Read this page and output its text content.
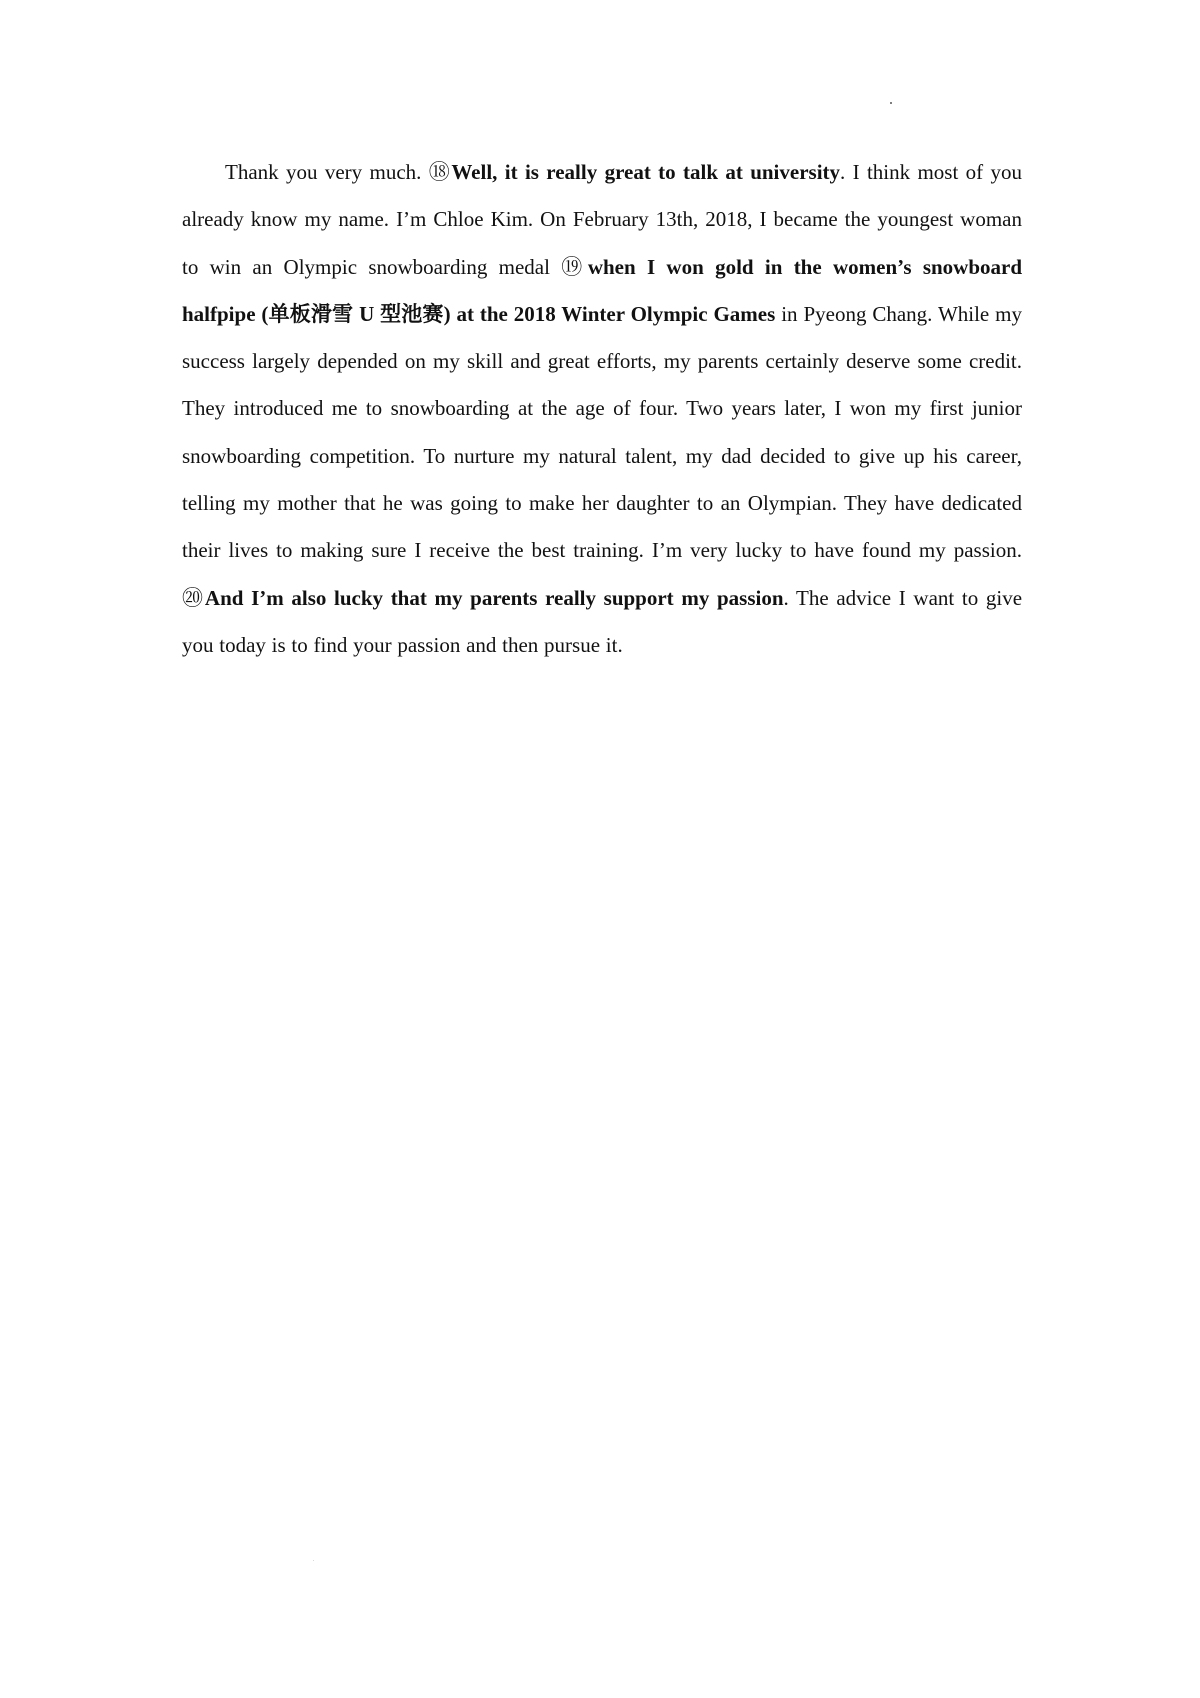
Thank you very much. ⑱Well, it is really great to talk at university. I think most of you already know my name. I’m Chloe Kim. On February 13th, 2018, I became the youngest woman to win an Olympic snowboarding medal ⑲when I won gold in the women’s snowboard halfpipe (单板滑雪 U 型池赛) at the 2018 Winter Olympic Games in Pyeong Chang. While my success largely depended on my skill and great efforts, my parents certainly deserve some credit. They introduced me to snowboarding at the age of four. Two years later, I won my first junior snowboarding competition. To nurture my natural talent, my dad decided to give up his career, telling my mother that he was going to make her daughter to an Olympian. They have dedicated their lives to making sure I receive the best training. I’m very lucky to have found my passion. ⑳And I’m also lucky that my parents really support my passion. The advice I want to give you today is to find your passion and then pursue it.
